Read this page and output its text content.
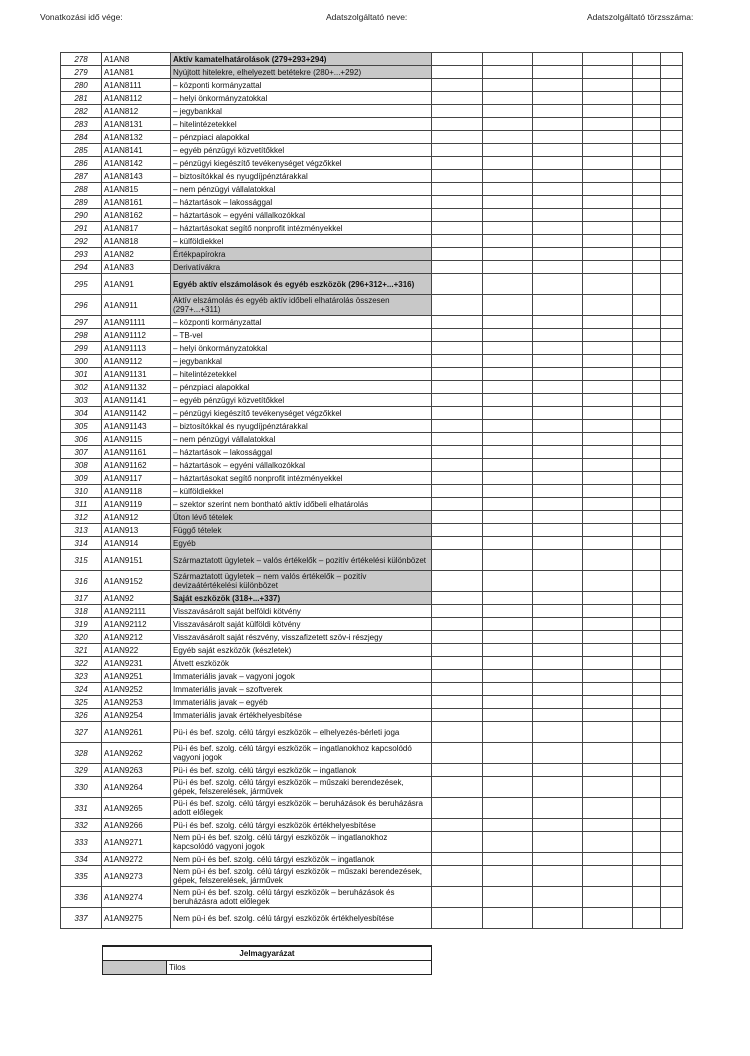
Vonatkozási idő vége:	Adatszolgáltató neve:	Adatszolgáltató törzsszáma:
278	A1AN8	Aktív kamatelhatárolások (279+293+294)						
279	A1AN81	Nyújtott hitelekre, elhelyezett betétekre (280+...+292)						
280	A1AN8111	– központi kormányzattal						
281	A1AN8112	– helyi önkormányzatokkal						
282	A1AN812	– jegybankkal						
283	A1AN8131	– hitelintézetekkel						
284	A1AN8132	– pénzpiaci alapokkal						
285	A1AN8141	– egyéb pénzügyi közvetítőkkel						
286	A1AN8142	– pénzügyi kiegészítő tevékenységet végzőkkel						
287	A1AN8143	– biztosítókkal és nyugdíjpénztárakkal						
288	A1AN815	– nem pénzügyi vállalatokkal						
289	A1AN8161	– háztartások – lakossággal						
290	A1AN8162	– háztartások – egyéni vállalkozókkal						
291	A1AN817	– háztartásokat segítő nonprofit intézményekkel						
292	A1AN818	– külföldiekkel						
293	A1AN82	Értékpapírokra						
294	A1AN83	Derivatívákra						
295	A1AN91	Egyéb aktív elszámolások és egyéb eszközök (296+312+...+316)						
296	A1AN911	Aktív elszámolás és egyéb aktív időbeli elhatárolás összesen (297+...+311)						
297	A1AN91111	– központi kormányzattal						
298	A1AN91112	– TB-vel						
299	A1AN91113	– helyi önkormányzatokkal						
300	A1AN9112	– jegybankkal						
301	A1AN91131	– hitelintézetekkel						
302	A1AN91132	– pénzpiaci alapokkal						
303	A1AN91141	– egyéb pénzügyi közvetítőkkel						
304	A1AN91142	– pénzügyi kiegészítő tevékenységet végzőkkel						
305	A1AN91143	– biztosítókkal és nyugdíjpénztárakkal						
306	A1AN9115	– nem pénzügyi vállalatokkal						
307	A1AN91161	– háztartások – lakossággal						
308	A1AN91162	– háztartások – egyéni vállalkozókkal						
309	A1AN9117	– háztartásokat segítő nonprofit intézményekkel						
310	A1AN9118	– külföldiekkel						
311	A1AN9119	– szektor szerint nem bontható aktív időbeli elhatárolás						
312	A1AN912	Úton lévő tételek						
313	A1AN913	Függő tételek						
314	A1AN914	Egyéb						
315	A1AN9151	Származtatott ügyletek – valós értékelők – pozitív értékelési különbözet						
316	A1AN9152	Származtatott ügyletek – nem valós értékelők – pozitív devizaátértékelési különbözet						
317	A1AN92	Saját eszközök (318+...+337)						
318	A1AN92111	Visszavásárolt saját belföldi kötvény						
319	A1AN92112	Visszavásárolt saját külföldi kötvény						
320	A1AN9212	Visszavásárolt saját részvény, visszafizetett szöv-i részjegy						
321	A1AN922	Egyéb saját eszközök (készletek)						
322	A1AN9231	Átvett eszközök						
323	A1AN9251	Immateriális javak – vagyoni jogok						
324	A1AN9252	Immateriális javak – szoftverek						
325	A1AN9253	Immateriális javak – egyéb						
326	A1AN9254	Immateriális javak értékhelyesbítése						
327	A1AN9261	Pü-i és bef. szolg. célú tárgyi eszközök – elhelyezés-bérleti joga						
328	A1AN9262	Pü-i és bef. szolg. célú tárgyi eszközök – ingatlanokhoz kapcsolódó vagyoni jogok						
329	A1AN9263	Pü-i és bef. szolg. célú tárgyi eszközök – ingatlanok						
330	A1AN9264	Pü-i és bef. szolg. célú tárgyi eszközök – műszaki berendezések, gépek, felszerelések, járművek						
331	A1AN9265	Pü-i és bef. szolg. célú tárgyi eszközök – beruházások és beruházásra adott előlegek						
332	A1AN9266	Pü-i és bef. szolg. célú tárgyi eszközök értékhelyesbítése						
333	A1AN9271	Nem pü-i és bef. szolg. célú tárgyi eszközök – ingatlanokhoz kapcsolódó vagyoni jogok						
334	A1AN9272	Nem pü-i és bef. szolg. célú tárgyi eszközök – ingatlanok						
335	A1AN9273	Nem pü-i és bef. szolg. célú tárgyi eszközök – műszaki berendezések, gépek, felszerelések, járművek						
336	A1AN9274	Nem pü-i és bef. szolg. célú tárgyi eszközök – beruházások és beruházásra adott előlegek						
337	A1AN9275	Nem pü-i és bef. szolg. célú tárgyi eszközök értékhelyesbítése						
Jelmagyarázat
	Tilos
